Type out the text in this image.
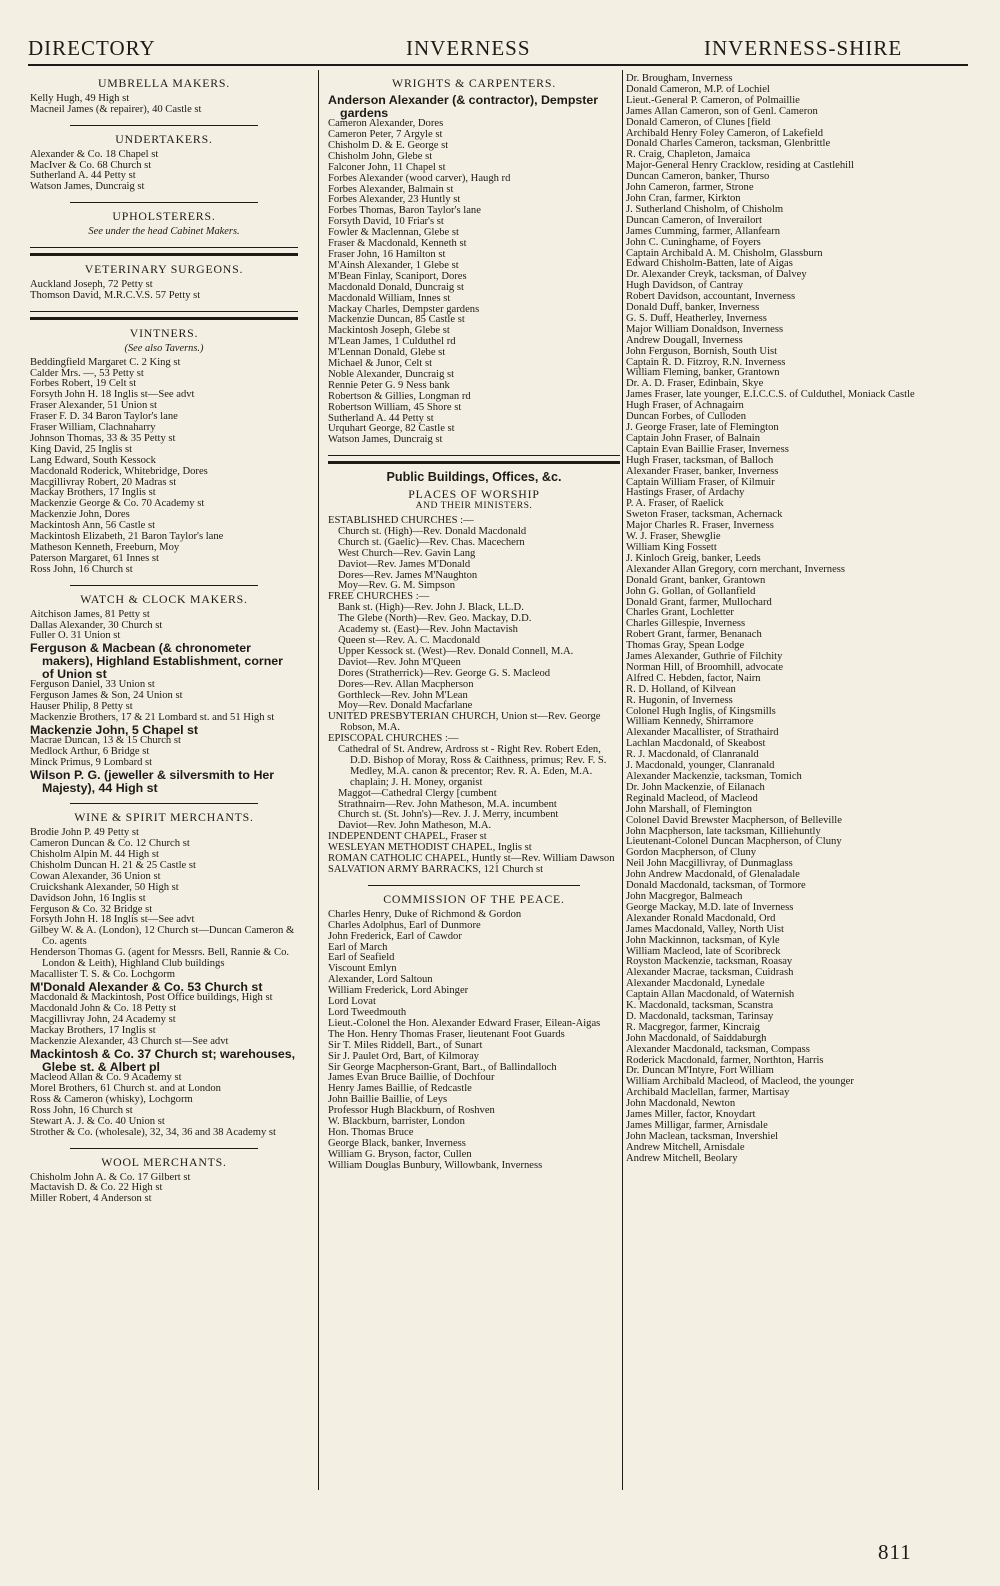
DIRECTORY	INVERNESS	INVERNESS-SHIRE
UMBRELLA MAKERS.

Kelly Hugh, 49 High st

Macneil James (& repairer), 40 Castle st

UNDERTAKERS.

Alexander & Co. 18 Chapel st

MacIver & Co. 68 Church st

Sutherland A. 44 Petty st

Watson James, Duncraig st

UPHOLSTERERS.
See under the head Cabinet Makers.
VETERINARY SURGEONS.

Auckland Joseph, 72 Petty st

Thomson David, M.R.C.V.S. 57 Petty st

VINTNERS.
(See also Taverns.)

Beddingfield Margaret C. 2 King st

Calder Mrs. —, 53 Petty st

Forbes Robert, 19 Celt st

Forsyth John H. 18 Inglis st—See advt

Fraser Alexander, 51 Union st

Fraser F. D. 34 Baron Taylor's lane

Fraser William, Clachnaharry

Johnson Thomas, 33 & 35 Petty st

King David, 25 Inglis st

Lang Edward, South Kessock

Macdonald Roderick, Whitebridge, Dores

Macgillivray Robert, 20 Madras st

Mackay Brothers, 17 Inglis st

Mackenzie George & Co. 70 Academy st

Mackenzie John, Dores

Mackintosh Ann, 56 Castle st

Mackintosh Elizabeth, 21 Baron Taylor's lane

Matheson Kenneth, Freeburn, Moy

Paterson Margaret, 61 Innes st

Ross John, 16 Church st

WATCH & CLOCK MAKERS.

Aitchison James, 81 Petty st

Dallas Alexander, 30 Church st

Fuller O. 31 Union st

Ferguson & Macbean (& chronometer makers), Highland Establishment, corner of Union st

Ferguson Daniel, 33 Union st

Ferguson James & Son, 24 Union st

Hauser Philip, 8 Petty st

Mackenzie Brothers, 17 & 21 Lombard st. and 51 High st

Mackenzie John, 5 Chapel st

Macrae Duncan, 13 & 15 Church st

Medlock Arthur, 6 Bridge st

Minck Primus, 9 Lombard st

Wilson P. G. (jeweller & silversmith to Her Majesty), 44 High st

WINE & SPIRIT MERCHANTS.

Brodie John P. 49 Petty st

Cameron Duncan & Co. 12 Church st

Chisholm Alpin M. 44 High st

Chisholm Duncan H. 21 & 25 Castle st

Cowan Alexander, 36 Union st

Cruickshank Alexander, 50 High st

Davidson John, 16 Inglis st

Ferguson & Co. 32 Bridge st

Forsyth John H. 18 Inglis st—See advt

Gilbey W. & A. (London), 12 Church st—Duncan Cameron & Co. agents

Henderson Thomas G. (agent for Messrs. Bell, Rannie & Co. London & Leith), Highland Club buildings

Macallister T. S. & Co. Lochgorm

M'Donald Alexander & Co. 53 Church st

Macdonald & Mackintosh, Post Office buildings, High st

Macdonald John & Co. 18 Petty st

Macgillivray John, 24 Academy st

Mackay Brothers, 17 Inglis st

Mackenzie Alexander, 43 Church st—See advt

Mackintosh & Co. 37 Church st; warehouses, Glebe st. & Albert pl

Macleod Allan & Co. 9 Academy st

Morel Brothers, 61 Church st. and at London

Ross & Cameron (whisky), Lochgorm

Ross John, 16 Church st

Stewart A. J. & Co. 40 Union st

Strother & Co. (wholesale), 32, 34, 36 and 38 Academy st

WOOL MERCHANTS.

Chisholm John A. & Co. 17 Gilbert st

Mactavish D. & Co. 22 High st

Miller Robert, 4 Anderson st

WRIGHTS & CARPENTERS.

Anderson Alexander (& contractor), Dempster gardens

Cameron Alexander, Dores

Cameron Peter, 7 Argyle st

Chisholm D. & E. George st

Chisholm John, Glebe st

Falconer John, 11 Chapel st

Forbes Alexander (wood carver), Haugh rd

Forbes Alexander, Balmain st

Forbes Alexander, 23 Huntly st

Forbes Thomas, Baron Taylor's lane

Forsyth David, 10 Friar's st

Fowler & Maclennan, Glebe st

Fraser & Macdonald, Kenneth st

Fraser John, 16 Hamilton st

M'Ainsh Alexander, 1 Glebe st

M'Bean Finlay, Scaniport, Dores

Macdonald Donald, Duncraig st

Macdonald William, Innes st

Mackay Charles, Dempster gardens

Mackenzie Duncan, 85 Castle st

Mackintosh Joseph, Glebe st

M'Lean James, 1 Culduthel rd

M'Lennan Donald, Glebe st

Michael & Junor, Celt st

Noble Alexander, Duncraig st

Rennie Peter G. 9 Ness bank

Robertson & Gillies, Longman rd

Robertson William, 45 Shore st

Sutherland A. 44 Petty st

Urquhart George, 82 Castle st

Watson James, Duncraig st

Public Buildings, Offices, &c.
PLACES OF WORSHIP
AND THEIR MINISTERS.

ESTABLISHED CHURCHES :—

Church st. (High)—Rev. Donald Macdonald

Church st. (Gaelic)—Rev. Chas. Macechern

West Church—Rev. Gavin Lang

Daviot—Rev. James M'Donald

Dores—Rev. James M'Naughton

Moy—Rev. G. M. Simpson

FREE CHURCHES :—

Bank st. (High)—Rev. John J. Black, LL.D.

The Glebe (North)—Rev. Geo. Mackay, D.D.

Academy st. (East)—Rev. John Mactavish

Queen st—Rev. A. C. Macdonald

Upper Kessock st. (West)—Rev. Donald Connell, M.A.

Daviot—Rev. John M'Queen

Dores (Stratherrick)—Rev. George G. S. Macleod

Dores—Rev. Allan Macpherson

Gorthleck—Rev. John M'Lean

Moy—Rev. Donald Macfarlane

UNITED PRESBYTERIAN CHURCH, Union st—Rev. George Robson, M.A.

EPISCOPAL CHURCHES :—

Cathedral of St. Andrew, Ardross st - Right Rev. Robert Eden, D.D. Bishop of Moray, Ross & Caithness, primus; Rev. F. S. Medley, M.A. canon & precentor; Rev. R. A. Eden, M.A. chaplain; J. H. Money, organist

Maggot—Cathedral Clergy [cumbent

Strathnairn—Rev. John Matheson, M.A. incumbent

Church st. (St. John's)—Rev. J. J. Merry, incumbent

Daviot—Rev. John Matheson, M.A.

INDEPENDENT CHAPEL, Fraser st

WESLEYAN METHODIST CHAPEL, Inglis st

ROMAN CATHOLIC CHAPEL, Huntly st—Rev. William Dawson

SALVATION ARMY BARRACKS, 121 Church st

COMMISSION OF THE PEACE.

Charles Henry, Duke of Richmond & Gordon

Charles Adolphus, Earl of Dunmore

John Frederick, Earl of Cawdor

Earl of March

Earl of Seafield

Viscount Emlyn

Alexander, Lord Saltoun

William Frederick, Lord Abinger

Lord Lovat

Lord Tweedmouth

Lieut.-Colonel the Hon. Alexander Edward Fraser, Eilean-Aigas

The Hon. Henry Thomas Fraser, lieutenant Foot Guards

Sir T. Miles Riddell, Bart., of Sunart

Sir J. Paulet Ord, Bart, of Kilmoray

Sir George Macpherson-Grant, Bart., of Ballindalloch

James Evan Bruce Baillie, of Dochfour

Henry James Baillie, of Redcastle

John Baillie Baillie, of Leys

Professor Hugh Blackburn, of Roshven

W. Blackburn, barrister, London

Hon. Thomas Bruce

George Black, banker, Inverness

William G. Bryson, factor, Cullen

William Douglas Bunbury, Willowbank, Inverness

Dr. Brougham, Inverness

Donald Cameron, M.P. of Lochiel

Lieut.-General P. Cameron, of Polmaillie

James Allan Cameron, son of Genl. Cameron

Donald Cameron, of Clunes [field

Archibald Henry Foley Cameron, of Lakefield

Donald Charles Cameron, tacksman, Glenbrittle

R. Craig, Chapleton, Jamaica

Major-General Henry Cracklow, residing at Castlehill

Duncan Cameron, banker, Thurso

John Cameron, farmer, Strone

John Cran, farmer, Kirkton

J. Sutherland Chisholm, of Chisholm

Duncan Cameron, of Inverailort

James Cumming, farmer, Allanfearn

John C. Cuninghame, of Foyers

Captain Archibald A. M. Chisholm, Glassburn

Edward Chisholm-Batten, late of Aigas

Dr. Alexander Creyk, tacksman, of Dalvey

Hugh Davidson, of Cantray

Robert Davidson, accountant, Inverness

Donald Duff, banker, Inverness

G. S. Duff, Heatherley, Inverness

Major William Donaldson, Inverness

Andrew Dougall, Inverness

John Ferguson, Bornish, South Uist

Captain R. D. Fitzroy, R.N. Inverness

William Fleming, banker, Grantown

Dr. A. D. Fraser, Edinbain, Skye

James Fraser, late younger, E.I.C.C.S. of Culduthel, Moniack Castle

Hugh Fraser, of Achnagairn

Duncan Forbes, of Culloden

J. George Fraser, late of Flemington

Captain John Fraser, of Balnain

Captain Evan Baillie Fraser, Inverness

Hugh Fraser, tacksman, of Balloch

Alexander Fraser, banker, Inverness

Captain William Fraser, of Kilmuir

Hastings Fraser, of Ardachy

P. A. Fraser, of Raelick

Sweton Fraser, tacksman, Achernack

Major Charles R. Fraser, Inverness

W. J. Fraser, Shewglie

William King Fossett

J. Kinloch Greig, banker, Leeds

Alexander Allan Gregory, corn merchant, Inverness

Donald Grant, banker, Grantown

John G. Gollan, of Gollanfield

Donald Grant, farmer, Mullochard

Charles Grant, Lochletter

Charles Gillespie, Inverness

Robert Grant, farmer, Benanach

Thomas Gray, Spean Lodge

James Alexander, Guthrie of Filchity

Norman Hill, of Broomhill, advocate

Alfred C. Hebden, factor, Nairn

R. D. Holland, of Kilvean

R. Hugonin, of Inverness

Colonel Hugh Inglis, of Kingsmills

William Kennedy, Shirramore

Alexander Macallister, of Strathaird

Lachlan Macdonald, of Skeabost

R. J. Macdonald, of Clanranald

J. Macdonald, younger, Clanranald

Alexander Mackenzie, tacksman, Tomich

Dr. John Mackenzie, of Eilanach

Reginald Macleod, of Macleod

John Marshall, of Flemington

Colonel David Brewster Macpherson, of Belleville

John Macpherson, late tacksman, Killiehuntly

Lieutenant-Colonel Duncan Macpherson, of Cluny

Gordon Macpherson, of Cluny

Neil John Macgillivray, of Dunmaglass

John Andrew Macdonald, of Glenaladale

Donald Macdonald, tacksman, of Tormore

John Macgregor, Balmeach

George Mackay, M.D. late of Inverness

Alexander Ronald Macdonald, Ord

James Macdonald, Valley, North Uist

John Mackinnon, tacksman, of Kyle

William Macleod, late of Scoribreck

Royston Mackenzie, tacksman, Roasay

Alexander Macrae, tacksman, Cuidrash

Alexander Macdonald, Lynedale

Captain Allan Macdonald, of Waternish

K. Macdonald, tacksman, Scanstra

D. Macdonald, tacksman, Tarinsay

R. Macgregor, farmer, Kincraig

John Macdonald, of Saiddaburgh

Alexander Macdonald, tacksman, Compass

Roderick Macdonald, farmer, Northton, Harris

Dr. Duncan M'Intyre, Fort William

William Archibald Macleod, of Macleod, the younger

Archibald Maclellan, farmer, Martisay

John Macdonald, Newton

James Miller, factor, Knoydart

James Milligar, farmer, Arnisdale

John Maclean, tacksman, Invershiel

Andrew Mitchell, Arnisdale

Andrew Mitchell, Beolary

811
